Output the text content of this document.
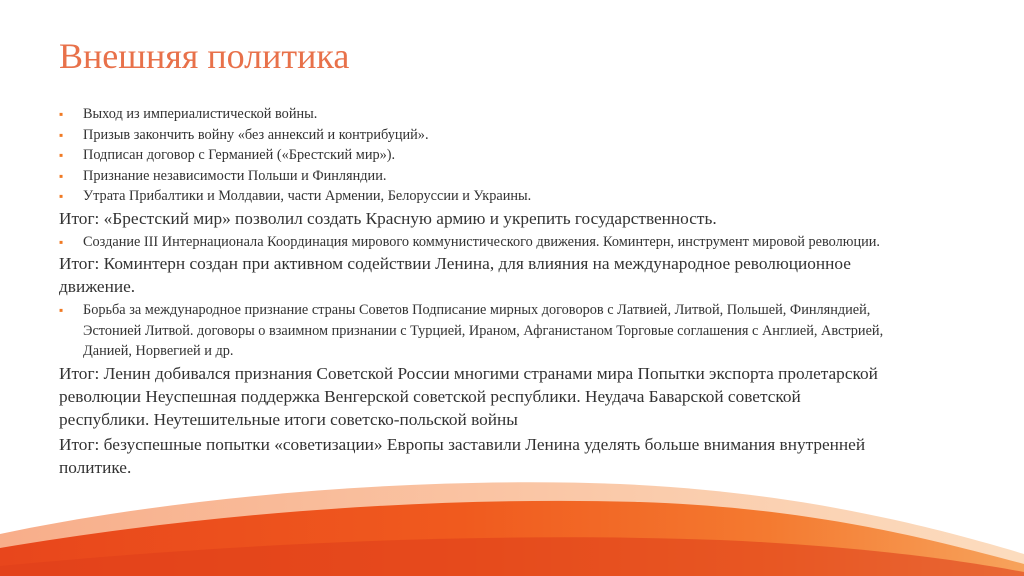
Внешняя политика
▪ Выход из империалистической войны.
▪ Призыв закончить войну «без аннексий и контрибуций».
▪ Подписан договор с Германией («Брестский мир»).
▪ Признание независимости Польши и Финляндии.
▪ Утрата Прибалтики и Молдавии, части Армении, Белоруссии и Украины.

Итог: «Брестский мир» позволил создать Красную армию и укрепить государственность.

▪ Создание III Интернационала Координация мирового коммунистического движения. Коминтерн, инструмент мировой революции.

Итог: Коминтерн создан при активном содействии Ленина, для влияния на международное революционное движение.

▪ Борьба за международное признание страны Советов Подписание мирных договоров с Латвией, Литвой, Польшей, Финляндией, Эстонией Литвой. договоры о взаимном признании с Турцией, Ираном, Афганистаном Торговые соглашения с Англией, Австрией, Данией, Норвегией и др.

Итог: Ленин добивался признания Советской России многими странами мира Попытки экспорта пролетарской революции Неуспешная поддержка Венгерской советской республики. Неудача Баварской советской республики. Неутешительные итоги советско-польской войны

Итог: безуспешные попытки «советизации» Европы заставили Ленина уделять больше внимания внутренней политике.
